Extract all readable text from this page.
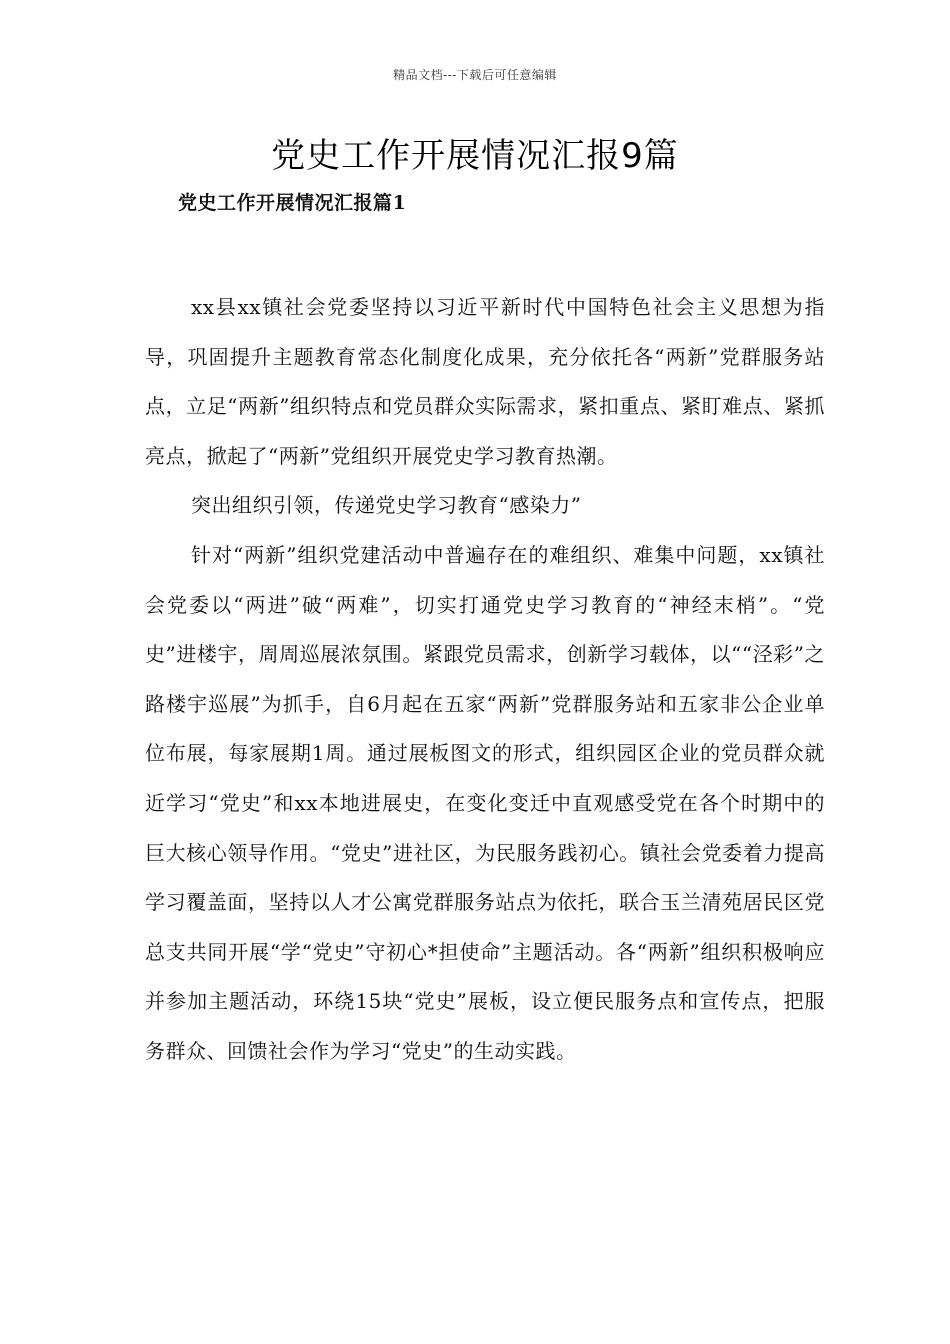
精品文档---下载后可任意编辑
党史工作开展情况汇报9篇
党史工作开展情况汇报篇1

xx县xx镇社会党委坚持以习近平新时代中国特色社会主义思想为指导，巩固提升主题教育常态化制度化成果，充分依托各“两新”党群服务站点，立足“两新”组织特点和党员群众实际需求，紧扣重点、紧盯难点、紧抓亮点，掀起了“两新”党组织开展党史学习教育热潮。

突出组织引领，传递党史学习教育“感染力”

针对“两新”组织党建活动中普遍存在的难组织、难集中问题，xx镇社会党委以“两进”破“两难”，切实打通党史学习教育的“神经末梢”。“党史”进楼宇，周周巡展浓氛围。紧跟党员需求，创新学习载体，以““泾彩”之路楼宇巡展”为抓手，自6月起在五家“两新”党群服务站和五家非公企业单位布展，每家展期1周。通过展板图文的形式，组织园区企业的党员群众就近学习“党史”和xx本地进展史，在变化变迁中直观感受党在各个时期中的巨大核心领导作用。“党史”进社区，为民服务践初心。镇社会党委着力提高学习覆盖面，坚持以人才公寓党群服务站点为依托，联合玉兰清苑居民区党总支共同开展“学“党史”守初心*担使命”主题活动。各“两新”组织积极响应并参加主题活动，环绕15块“党史”展板，设立便民服务点和宣传点，把服务群众、回馈社会作为学习“党史”的生动实践。
